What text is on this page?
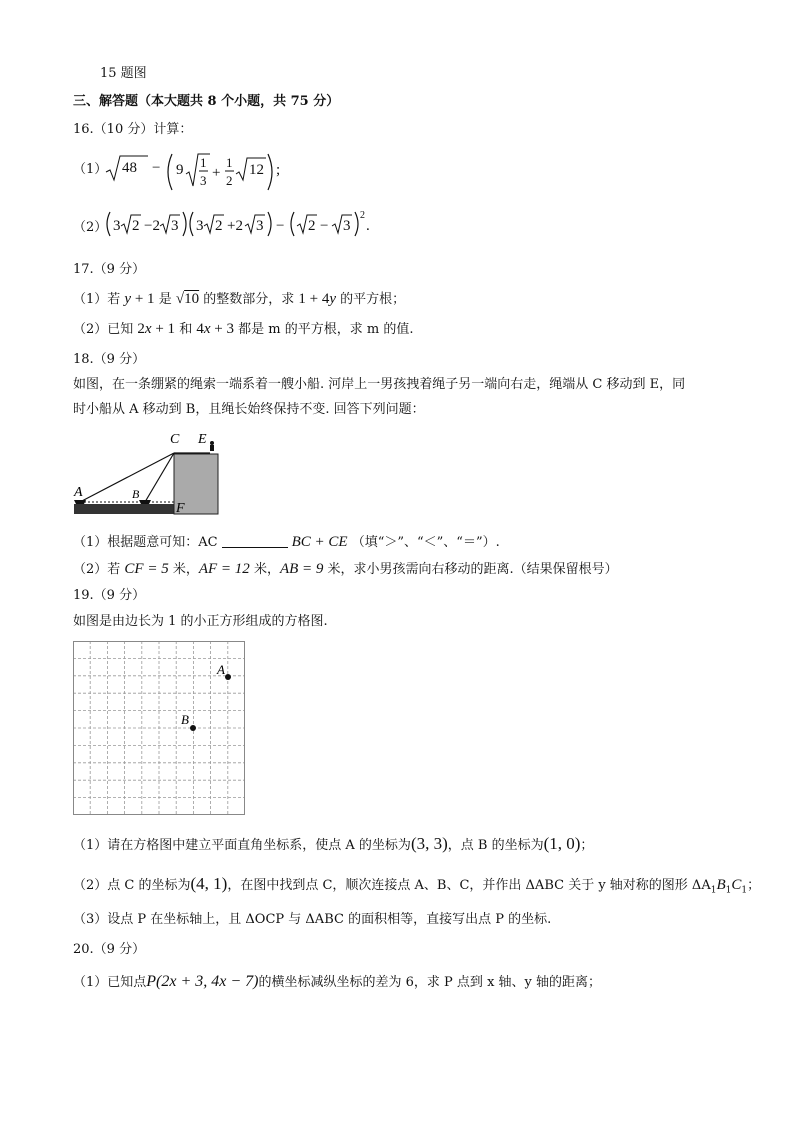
15 题图
三、解答题（本大题共 8 个小题，共 75 分）
16.（10 分）计算：
（1） 48 − 9 1
3 +
1
2
12 ;
（2） 3 2 −2 3 3 2 +2 3 − 2 − 3
2
.
17.（9 分）
（1）若 y + 1 是 √10 的整数部分，求 1 + 4y 的平方根；
（2）已知 2x + 1 和 4x + 3 都是 m 的平方根，求 m 的值.
18.（9 分）
如图，在一条绷紧的绳索一端系着一艘小船. 河岸上一男孩拽着绳子另一端向右走，绳端从 C 移动到 E，同
时小船从 A 移动到 B，且绳长始终保持不变. 回答下列问题：
C E
A	B
F
（1）根据题意可知：AC	BC + CE （填“＞”、“＜”、“＝”）.
（2）若 CF = 5 米，AF = 12 米，AB = 9 米，求小男孩需向右移动的距离.（结果保留根号）
19.（9 分）
如图是由边长为 1 的小正方形组成的方格图.
A
B
（1）请在方格图中建立平面直角坐标系，使点 A 的坐标为(3, 3)，点 B 的坐标为(1, 0)；
（2）点 C 的坐标为(4, 1)，在图中找到点 C，顺次连接点 A、B、C，并作出 ΔABC 关于 y 轴对称的图形 $\Delta A_1B_1C_1$；
（3）设点 P 在坐标轴上，且 ΔOCP 与 ΔABC 的面积相等，直接写出点 P 的坐标.
20.（9 分）
（1）已知点P(2x + 3, 4x − 7)的横坐标减纵坐标的差为 6，求 P 点到 x 轴、y 轴的距离；
